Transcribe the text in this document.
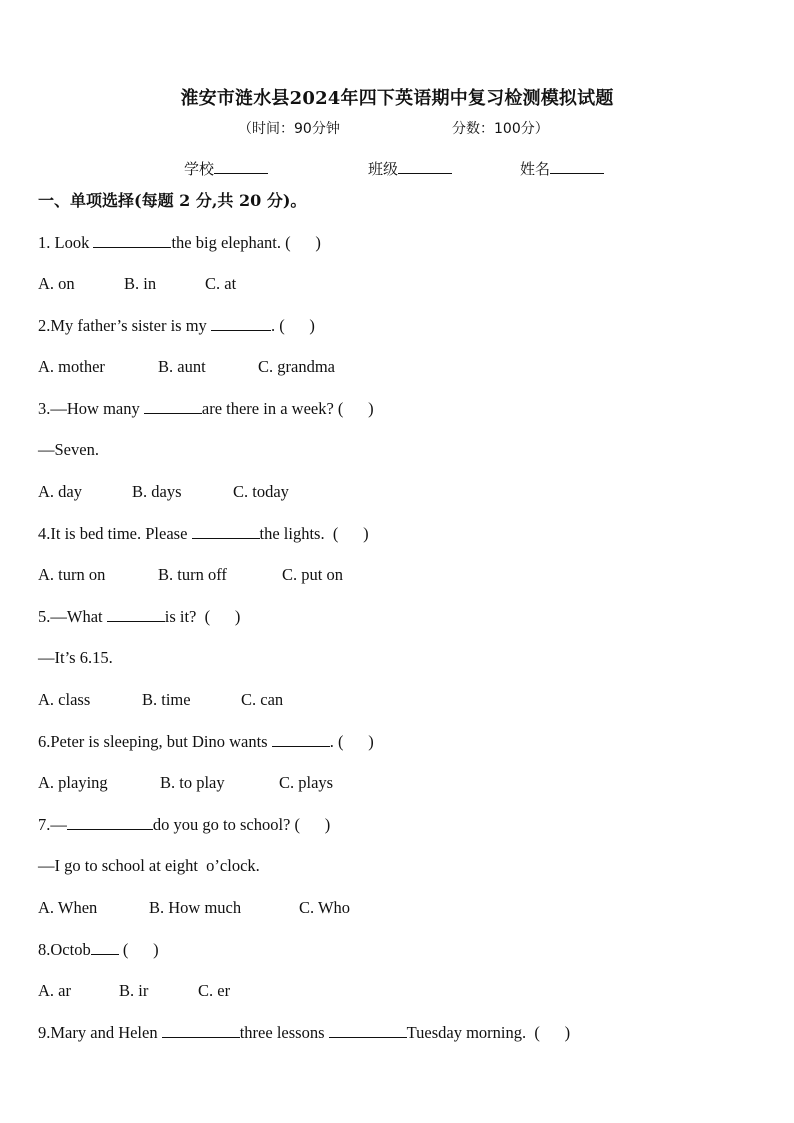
淮安市涟水县2024年四下英语期中复习检测模拟试题
（时间：90分钟	分数：100分）
学校	班级	姓名
一、单项选择(每题 2 分,共 20 分)。
1. Look	the big elephant. (      )
A. on	B. in	C. at
2.My father’s sister is my	. (      )
A. mother	B. aunt	C. grandma
3.—How many	are there in a week? (      )
—Seven.
A. day	B. days	C. today
4.It is bed time. Please	the lights.  (      )
A. turn on	B. turn off	C. put on
5.—What	is it?  (      )
—It’s 6.15.
A. class	B. time	C. can
6.Peter is sleeping, but Dino wants	. (      )
A. playing	B. to play	C. plays
7.—	do you go to school? (      )
—I go to school at eight  o’clock.
A. When	B. How much	C. Who
8.Octob (      )
A. ar	B. ir	C. er
9.Mary and Helen	three lessons	Tuesday morning.  (      )
